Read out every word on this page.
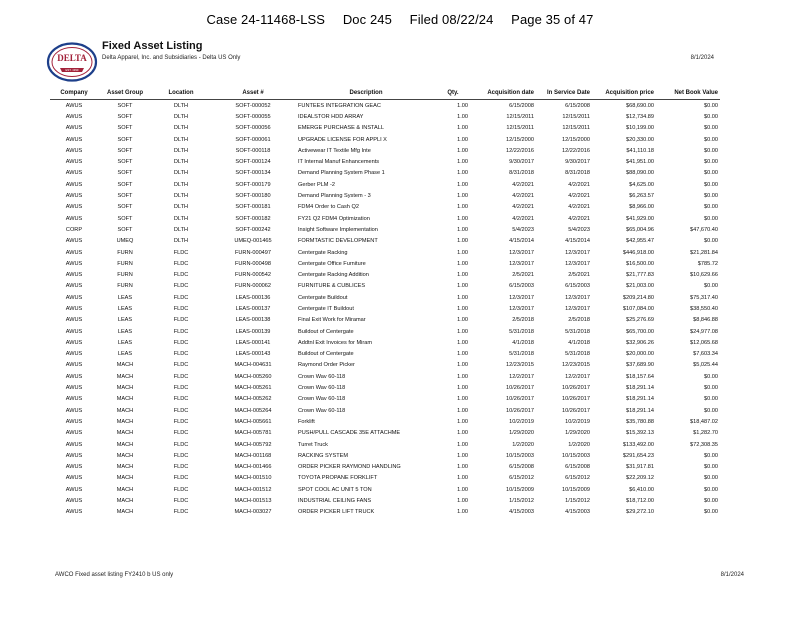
Case 24-11468-LSS Doc 245 Filed 08/22/24 Page 35 of 47
DELTA
EST. 1999
Fixed Asset Listing
Delta Apparel, Inc. and Subsidiaries - Delta US Only	8/1/2024
Company	Asset Group	Location	Asset #	Description	Qty.	Acquisition date	In Service Date	Acquisition price	Net Book Value
AWUS	SOFT	DLTH	SOFT-000052	FUNTEES INTEGRATION GEAC	1.00	6/15/2008	6/15/2008	$68,690.00	$0.00
AWUS	SOFT	DLTH	SOFT-000055	IDEALSTOR HDD ARRAY	1.00	12/15/2011	12/15/2011	$12,734.89	$0.00
AWUS	SOFT	DLTH	SOFT-000056	EMERGE PURCHASE & INSTALL	1.00	12/15/2011	12/15/2011	$10,199.00	$0.00
AWUS	SOFT	DLTH	SOFT-000061	UPGRADE LICENSE FOR APPLI X	1.00	12/15/2000	12/15/2000	$20,330.00	$0.00
AWUS	SOFT	DLTH	SOFT-000118	Activewear IT Textile Mfg Inte	1.00	12/22/2016	12/22/2016	$41,110.18	$0.00
AWUS	SOFT	DLTH	SOFT-000124	IT Internal Manuf Enhancements	1.00	9/30/2017	9/30/2017	$41,951.00	$0.00
AWUS	SOFT	DLTH	SOFT-000134	Demand Planning System Phase 1	1.00	8/31/2018	8/31/2018	$88,090.00	$0.00
AWUS	SOFT	DLTH	SOFT-000179	Gerber PLM -2	1.00	4/2/2021	4/2/2021	$4,625.00	$0.00
AWUS	SOFT	DLTH	SOFT-000180	Demand Planning System - 3	1.00	4/2/2021	4/2/2021	$6,263.57	$0.00
AWUS	SOFT	DLTH	SOFT-000181	FDM4 Order to Cash Q2	1.00	4/2/2021	4/2/2021	$8,966.00	$0.00
AWUS	SOFT	DLTH	SOFT-000182	FY21 Q2 FDM4 Optimization	1.00	4/2/2021	4/2/2021	$41,929.00	$0.00
CORP	SOFT	DLTH	SOFT-000242	Insight Software Implementation	1.00	5/4/2023	5/4/2023	$65,004.96	$47,670.40
AWUS	UMEQ	DLTH	UMEQ-001465	FORMTASTIC DEVELOPMENT	1.00	4/15/2014	4/15/2014	$42,955.47	$0.00
AWUS	FURN	FLDC	FURN-000497	Centergate Racking	1.00	12/3/2017	12/3/2017	$446,918.00	$21,281.84
AWUS	FURN	FLDC	FURN-000498	Centergate Office Furniture	1.00	12/3/2017	12/3/2017	$16,500.00	$785.72
AWUS	FURN	FLDC	FURN-000542	Centergate Racking Addition	1.00	2/5/2021	2/5/2021	$21,777.83	$10,629.66
AWUS	FURN	FLDC	FURN-000062	FURNITURE & CUBLICES	1.00	6/15/2003	6/15/2003	$21,003.00	$0.00
AWUS	LEAS	FLDC	LEAS-000136	Centergate Buildout	1.00	12/3/2017	12/3/2017	$209,214.80	$75,317.40
AWUS	LEAS	FLDC	LEAS-000137	Centergate IT Buildout	1.00	12/3/2017	12/3/2017	$107,084.00	$38,550.40
AWUS	LEAS	FLDC	LEAS-000138	Final Exit Work for Miramar	1.00	2/5/2018	2/5/2018	$25,276.69	$8,846.88
AWUS	LEAS	FLDC	LEAS-000139	Buildout of Centergate	1.00	5/31/2018	5/31/2018	$65,700.00	$24,977.08
AWUS	LEAS	FLDC	LEAS-000141	Addtnl Exit Invoices for Miram	1.00	4/1/2018	4/1/2018	$32,906.26	$12,065.68
AWUS	LEAS	FLDC	LEAS-000143	Buildout of Centergate	1.00	5/31/2018	5/31/2018	$20,000.00	$7,603.34
AWUS	MACH	FLDC	MACH-004631	Raymond Order Picker	1.00	12/23/2015	12/23/2015	$37,689.90	$5,025.44
AWUS	MACH	FLDC	MACH-005260	Crown Wav 60-118	1.00	12/2/2017	12/2/2017	$18,157.64	$0.00
AWUS	MACH	FLDC	MACH-005261	Crown Wav 60-118	1.00	10/26/2017	10/26/2017	$18,291.14	$0.00
AWUS	MACH	FLDC	MACH-005262	Crown Wav 60-118	1.00	10/26/2017	10/26/2017	$18,291.14	$0.00
AWUS	MACH	FLDC	MACH-005264	Crown Wav 60-118	1.00	10/26/2017	10/26/2017	$18,291.14	$0.00
AWUS	MACH	FLDC	MACH-005661	Forklift	1.00	10/2/2019	10/2/2019	$35,780.88	$18,487.02
AWUS	MACH	FLDC	MACH-005781	PUSH/PULL CASCADE 35E ATTACHME	1.00	1/29/2020	1/29/2020	$15,392.13	$1,282.70
AWUS	MACH	FLDC	MACH-005792	Turret Truck	1.00	1/2/2020	1/2/2020	$133,492.00	$72,308.35
AWUS	MACH	FLDC	MACH-001168	RACKING SYSTEM	1.00	10/15/2003	10/15/2003	$291,654.23	$0.00
AWUS	MACH	FLDC	MACH-001466	ORDER PICKER RAYMOND HANDLING	1.00	6/15/2008	6/15/2008	$31,917.81	$0.00
AWUS	MACH	FLDC	MACH-001510	TOYOTA PROPANE FORKLIFT	1.00	6/15/2012	6/15/2012	$22,209.12	$0.00
AWUS	MACH	FLDC	MACH-001512	SPOT COOL AC UNIT 5 TON	1.00	10/15/2009	10/15/2009	$6,410.00	$0.00
AWUS	MACH	FLDC	MACH-001513	INDUSTRIAL CEILING FANS	1.00	1/15/2012	1/15/2012	$18,712.00	$0.00
AWUS	MACH	FLDC	MACH-003027	ORDER PICKER LIFT TRUCK	1.00	4/15/2003	4/15/2003	$29,272.10	$0.00
AWCO Fixed asset listing FY2410 b US only	8/1/2024
